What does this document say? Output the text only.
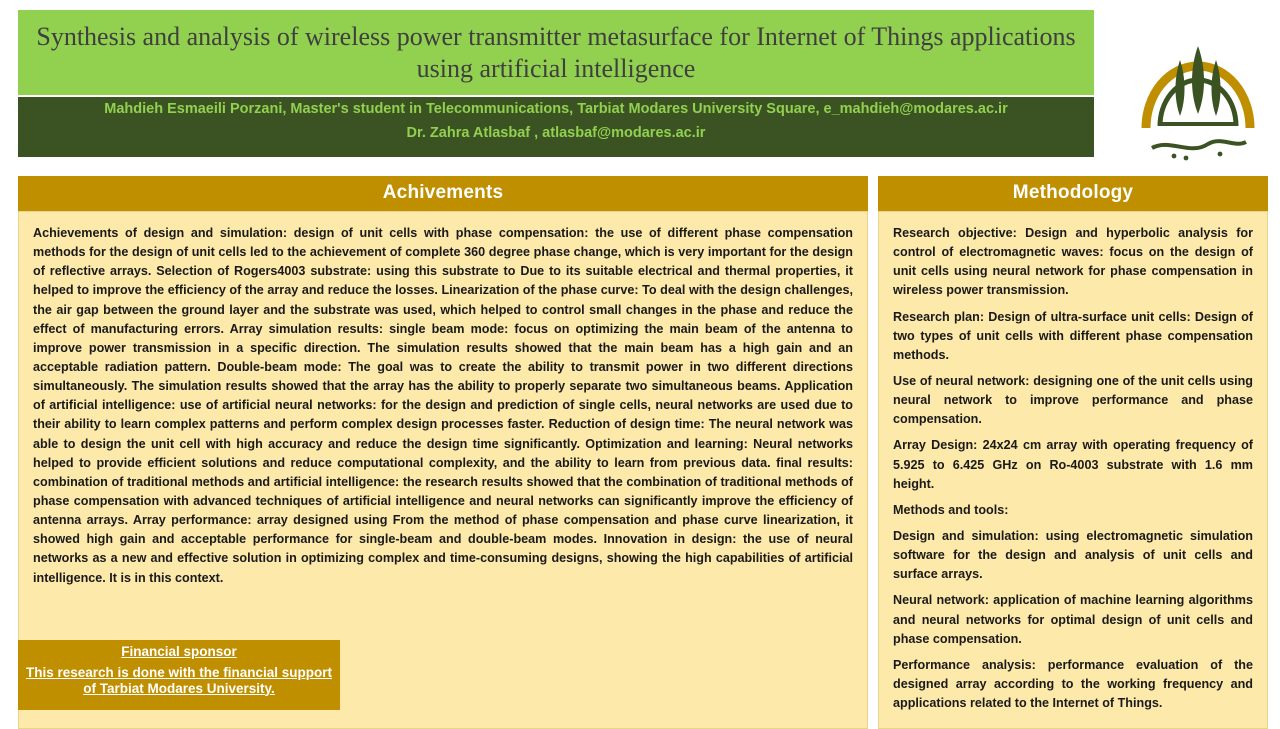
Synthesis and analysis of wireless power transmitter metasurface for Internet of Things applications using artificial intelligence
Mahdieh Esmaeili Porzani, Master's student in Telecommunications, Tarbiat Modares University Square, e_mahdieh@modares.ac.ir
Dr. Zahra Atlasbaf , atlasbaf@modares.ac.ir
Achivements

Achievements of design and simulation: design of unit cells with phase compensation: the use of different phase compensation methods for the design of unit cells led to the achievement of complete 360 degree phase change, which is very important for the design of reflective arrays. Selection of Rogers4003 substrate: using this substrate to Due to its suitable electrical and thermal properties, it helped to improve the efficiency of the array and reduce the losses. Linearization of the phase curve: To deal with the design challenges, the air gap between the ground layer and the substrate was used, which helped to control small changes in the phase and reduce the effect of manufacturing errors. Array simulation results: single beam mode: focus on optimizing the main beam of the antenna to improve power transmission in a specific direction. The simulation results showed that the main beam has a high gain and an acceptable radiation pattern. Double-beam mode: The goal was to create the ability to transmit power in two different directions simultaneously. The simulation results showed that the array has the ability to properly separate two simultaneous beams. Application of artificial intelligence: use of artificial neural networks: for the design and prediction of single cells, neural networks are used due to their ability to learn complex patterns and perform complex design processes faster. Reduction of design time: The neural network was able to design the unit cell with high accuracy and reduce the design time significantly. Optimization and learning: Neural networks helped to provide efficient solutions and reduce computational complexity, and the ability to learn from previous data. final results: combination of traditional methods and artificial intelligence: the research results showed that the combination of traditional methods of phase compensation with advanced techniques of artificial intelligence and neural networks can significantly improve the efficiency of antenna arrays. Array performance: array designed using From the method of phase compensation and phase curve linearization, it showed high gain and acceptable performance for single-beam and double-beam modes. Innovation in design: the use of neural networks as a new and effective solution in optimizing complex and time-consuming designs, showing the high capabilities of artificial intelligence. It is in this context.

Methodology

Research objective: Design and hyperbolic analysis for control of electromagnetic waves: focus on the design of unit cells using neural network for phase compensation in wireless power transmission.

Research plan: Design of ultra-surface unit cells: Design of two types of unit cells with different phase compensation methods.

Use of neural network: designing one of the unit cells using neural network to improve performance and phase compensation.

Array Design: 24x24 cm array with operating frequency of 5.925 to 6.425 GHz on Ro-4003 substrate with 1.6 mm height.

Methods and tools:

Design and simulation: using electromagnetic simulation software for the design and analysis of unit cells and surface arrays.

Neural network: application of machine learning algorithms and neural networks for optimal design of unit cells and phase compensation.

Performance analysis: performance evaluation of the designed array according to the working frequency and applications related to the Internet of Things.

Financial sponsor
This research is done with the financial support of Tarbiat Modares University.
